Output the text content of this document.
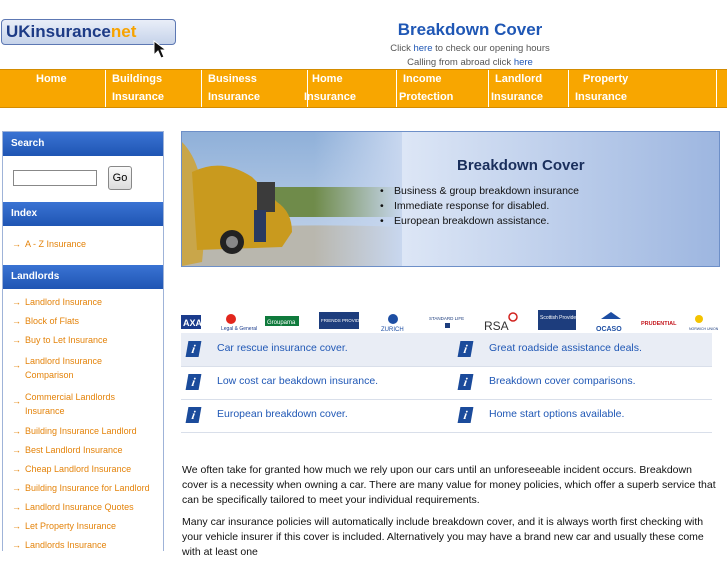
UKinsurancenet	Breakdown Cover
Click here to check our opening hours
Calling from abroad click here
Home	Buildings
Insurance
Business
Insurance
Home
Insurance
Income
Protection
Landlord
Insurance
Property
Insurance
Search
Go
Index
→ A - Z Insurance
Landlords
→ Landlord Insurance
→ Block of Flats
→ Buy to Let Insurance
→ Landlord Insurance Comparison
→ Commercial Landlords Insurance
→ Building Insurance Landlord
→ Best Landlord Insurance
→ Cheap Landlord Insurance
→ Building Insurance for Landlord
→ Landlord Insurance Quotes
→ Let Property Insurance
→ Landlords Insurance
Breakdown Cover
• Business & group breakdown insurance
• Immediate response for disabled.
• European breakdown assistance.
AXA
Legal & General
Groupama	FRIENDS PROVIDENT
ZURICH
STANDARD LIFE
RSA
Scottish Provident
OCASO
PRUDENTIAL
NORWICH UNION
i	Car rescue insurance cover.	i	Great roadside assistance deals.
i	Low cost car beakdown insurance.	i	Breakdown cover comparisons.
i	European breakdown cover.	i	Home start options available.

We often take for granted how much we rely upon our cars until an unforeseeable incident occurs. Breakdown cover is a necessity when owning a car. There are many value for money policies, which offer a superb service that can be specifically tailored to meet your individual requirements.

Many car insurance policies will automatically include breakdown cover, and it is always worth first checking with your vehicle insurer if this cover is included. Alternatively you may have a brand new car and usually these come with at least one
